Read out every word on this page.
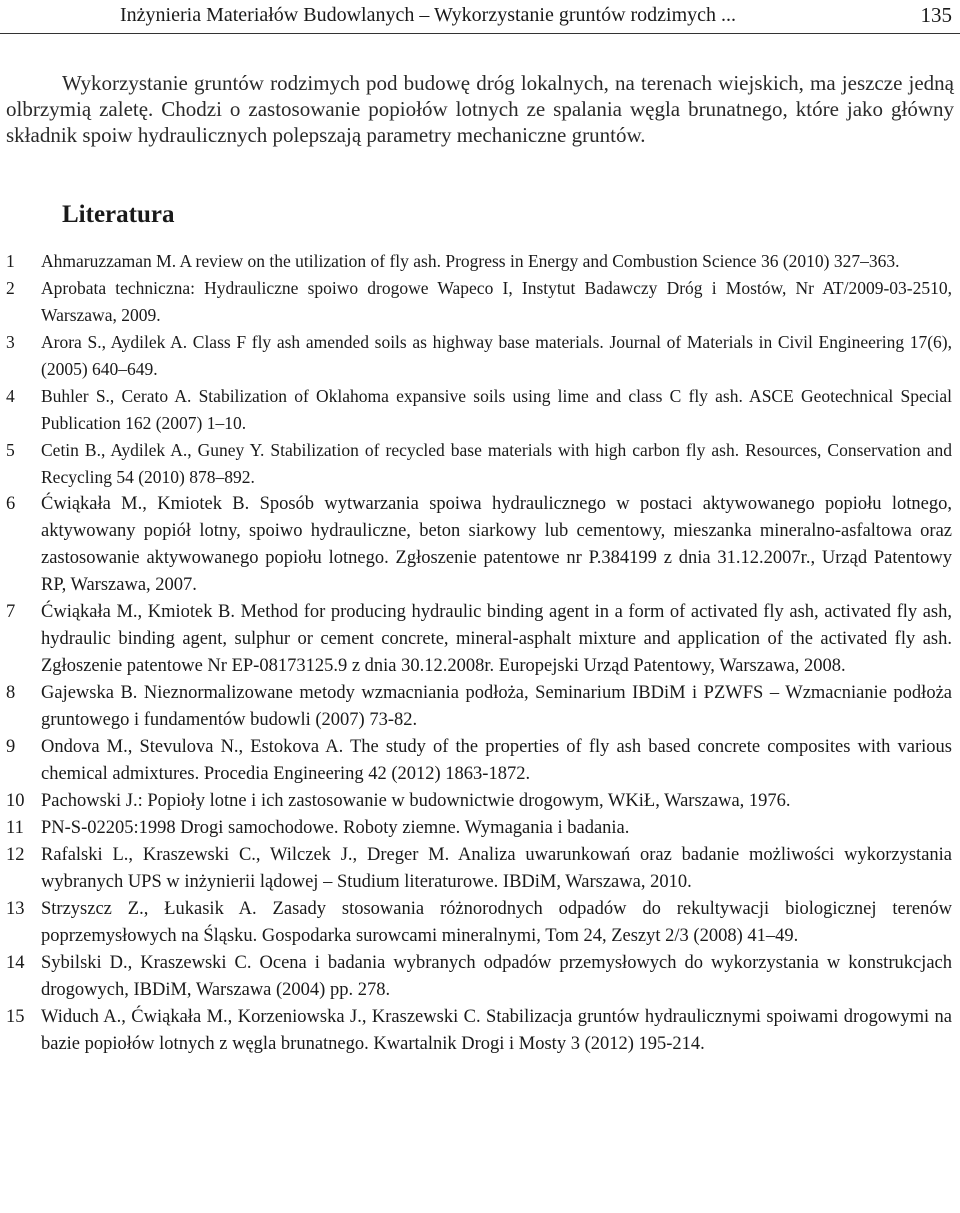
Inżynieria Materiałów Budowlanych – Wykorzystanie gruntów rodzimych ...	135

Wykorzystanie gruntów rodzimych pod budowę dróg lokalnych, na terenach wiejskich, ma jeszcze jedną olbrzymią zaletę. Chodzi o zastosowanie popiołów lotnych ze spalania węgla brunatnego, które jako główny składnik spoiw hydraulicznych polepszają parametry mechaniczne gruntów.

Literatura
1 Ahmaruzzaman M. A review on the utilization of fly ash. Progress in Energy and Combustion Science 36 (2010) 327–363.
2 Aprobata techniczna: Hydrauliczne spoiwo drogowe Wapeco I, Instytut Badawczy Dróg i Mostów, Nr AT/2009-03-2510, Warszawa, 2009.
3 Arora S., Aydilek A. Class F fly ash amended soils as highway base materials. Journal of Materials in Civil Engineering 17(6), (2005) 640–649.
4 Buhler S., Cerato A. Stabilization of Oklahoma expansive soils using lime and class C fly ash. ASCE Geotechnical Special Publication 162 (2007) 1–10.
5 Cetin B., Aydilek A., Guney Y. Stabilization of recycled base materials with high carbon fly ash. Resources, Conservation and Recycling 54 (2010) 878–892.
6 Ćwiąkała M., Kmiotek B. Sposób wytwarzania spoiwa hydraulicznego w postaci aktywowanego popiołu lotnego, aktywowany popiół lotny, spoiwo hydrauliczne, beton siarkowy lub cementowy, mieszanka mineralno-asfaltowa oraz zastosowanie aktywowanego popiołu lotnego. Zgłoszenie patentowe nr P.384199 z dnia 31.12.2007r., Urząd Patentowy RP, Warszawa, 2007.
7 Ćwiąkała M., Kmiotek B. Method for producing hydraulic binding agent in a form of activated fly ash, activated fly ash, hydraulic binding agent, sulphur or cement concrete, mineral-asphalt mixture and application of the activated fly ash. Zgłoszenie patentowe Nr EP-08173125.9 z dnia 30.12.2008r. Europejski Urząd Patentowy, Warszawa, 2008.
8 Gajewska B. Nieznormalizowane metody wzmacniania podłoża, Seminarium IBDiM i PZWFS – Wzmacnianie podłoża gruntowego i fundamentów budowli (2007) 73-82.
9 Ondova M., Stevulova N., Estokova A. The study of the properties of fly ash based concrete composites with various chemical admixtures. Procedia Engineering 42 (2012) 1863-1872.
10 Pachowski J.: Popioły lotne i ich zastosowanie w budownictwie drogowym, WKiŁ, Warszawa, 1976.
11 PN-S-02205:1998 Drogi samochodowe. Roboty ziemne. Wymagania i badania.
12 Rafalski L., Kraszewski C., Wilczek J., Dreger M. Analiza uwarunkowań oraz badanie możliwości wykorzystania wybranych UPS w inżynierii lądowej – Studium literaturowe. IBDiM, Warszawa, 2010.
13 Strzyszcz Z., Łukasik A. Zasady stosowania różnorodnych odpadów do rekultywacji biologicznej terenów poprzemysłowych na Śląsku. Gospodarka surowcami mineralnymi, Tom 24, Zeszyt 2/3 (2008) 41–49.
14 Sybilski D., Kraszewski C. Ocena i badania wybranych odpadów przemysłowych do wykorzystania w konstrukcjach drogowych, IBDiM, Warszawa (2004) pp. 278.
15 Widuch A., Ćwiąkała M., Korzeniowska J., Kraszewski C. Stabilizacja gruntów hydraulicznymi spoiwami drogowymi na bazie popiołów lotnych z węgla brunatnego. Kwartalnik Drogi i Mosty 3 (2012) 195-214.
